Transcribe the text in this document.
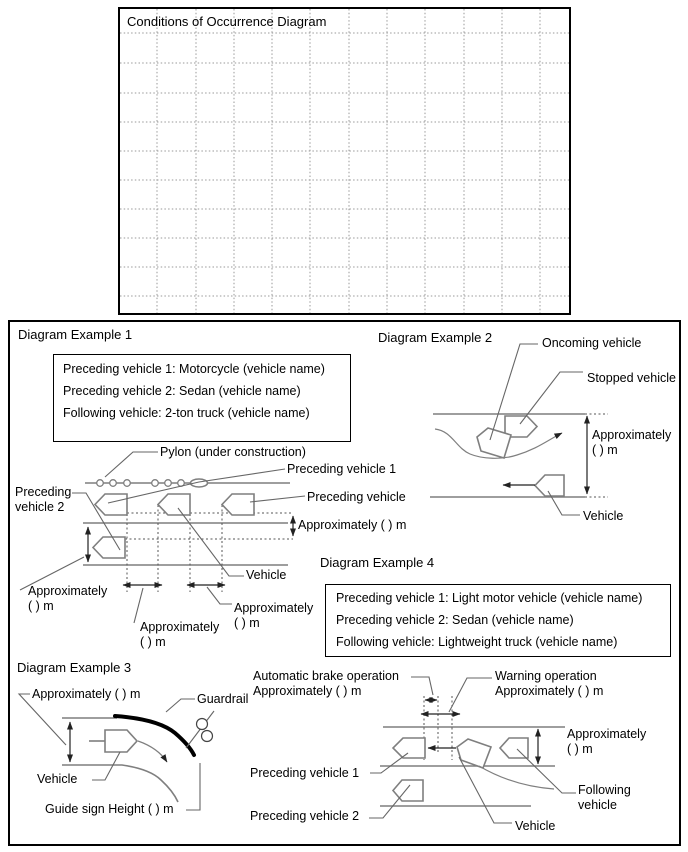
Conditions of Occurrence Diagram
Diagram Example 1
Preceding vehicle 1: Motorcycle (vehicle name)
Preceding vehicle 2: Sedan (vehicle name)
Following vehicle: 2-ton truck (vehicle name)
Pylon (under construction)
Preceding vehicle 1
Preceding
vehicle 2
Preceding vehicle
Approximately ( ) m
Vehicle
Approximately
( ) m
Approximately
( ) m
Approximately
( ) m
Diagram Example 2	Oncoming vehicle
Stopped vehicle
Approximately
( ) m
Vehicle
Diagram Example 3
Approximately ( ) m	Guardrail
Vehicle
Guide sign Height ( ) m
Diagram Example 4
Preceding vehicle 1: Light motor vehicle (vehicle name)
Preceding vehicle 2: Sedan (vehicle name)
Following vehicle: Lightweight truck (vehicle name)
Automatic brake operation
Approximately ( ) m
Warning operation
Approximately ( ) m
Approximately
( ) m
Preceding vehicle 1
Preceding vehicle 2
Vehicle
Following
vehicle
